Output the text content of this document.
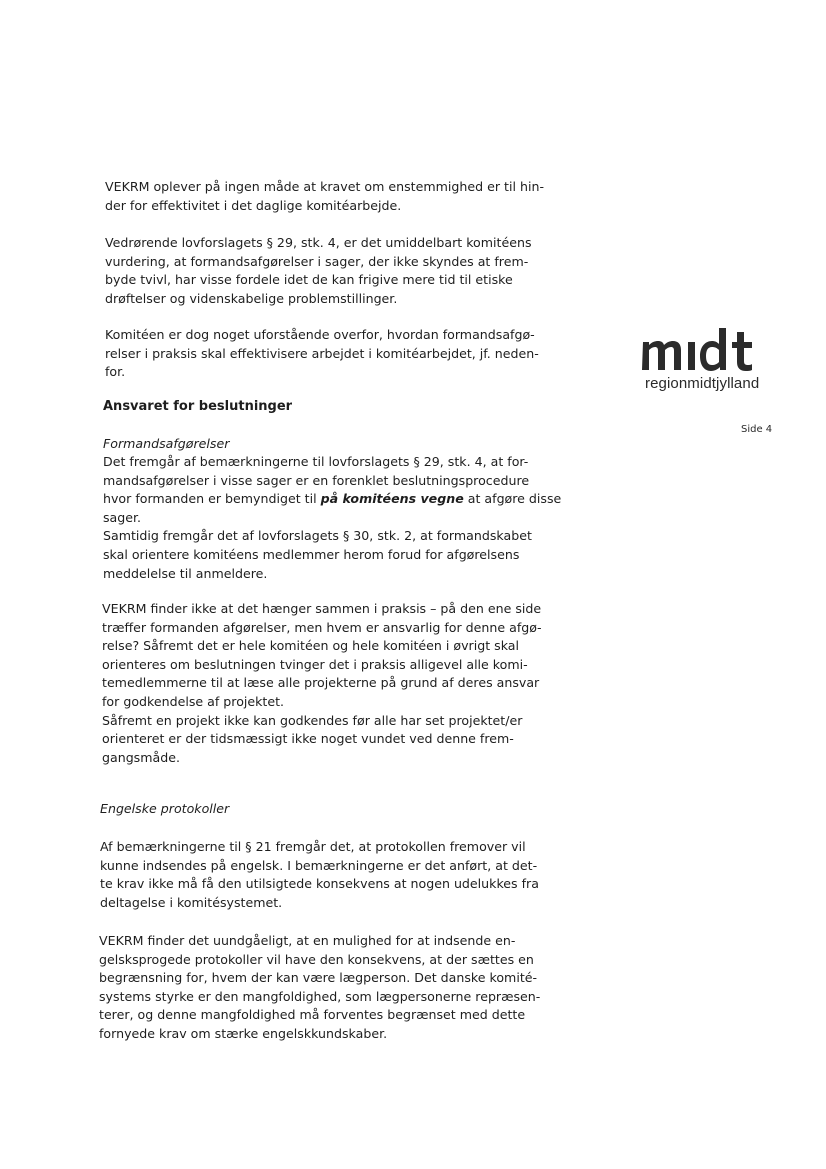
VEKRM oplever på ingen måde at kravet om enstemmighed er til hin-
der for effektivitet i det daglige komitéarbejde.
Vedrørende lovforslagets § 29, stk. 4, er det umiddelbart komitéens
vurdering, at formandsafgørelser i sager, der ikke skyndes at frem-
byde tvivl, har visse fordele idet de kan frigive mere tid til etiske
drøftelser og videnskabelige problemstillinger.
Komitéen er dog noget uforstående overfor, hvordan formandsafgø-
relser i praksis skal effektivisere arbejdet i komitéarbejdet, jf. neden-
for.
Ansvaret for beslutninger
Formandsafgørelser
Det fremgår af bemærkningerne til lovforslagets § 29, stk. 4, at for-
mandsafgørelser i visse sager er en forenklet beslutningsprocedure
hvor formanden er bemyndiget til på komitéens vegne at afgøre disse
sager.
Samtidig fremgår det af lovforslagets § 30, stk. 2, at formandskabet
skal orientere komitéens medlemmer herom forud for afgørelsens
meddelelse til anmeldere.
VEKRM finder ikke at det hænger sammen i praksis – på den ene side
træffer formanden afgørelser, men hvem er ansvarlig for denne afgø-
relse? Såfremt det er hele komitéen og hele komitéen i øvrigt skal
orienteres om beslutningen tvinger det i praksis alligevel alle komi-
temedlemmerne til at læse alle projekterne på grund af deres ansvar
for godkendelse af projektet.
Såfremt en projekt ikke kan godkendes før alle har set projektet/er
orienteret er der tidsmæssigt ikke noget vundet ved denne frem-
gangsmåde.
Engelske protokoller
Af bemærkningerne til § 21 fremgår det, at protokollen fremover vil
kunne indsendes på engelsk. I bemærkningerne er det anført, at det-
te krav ikke må få den utilsigtede konsekvens at nogen udelukkes fra
deltagelse i komitésystemet.
VEKRM finder det uundgåeligt, at en mulighed for at indsende en-
gelsksprogede protokoller vil have den konsekvens, at der sættes en
begrænsning for, hvem der kan være lægperson. Det danske komité-
systems styrke er den mangfoldighed, som lægpersonerne repræsen-
terer, og denne mangfoldighed må forventes begrænset med dette
fornyede krav om stærke engelskkundskaber.
regionmidtjylland
Side 4
